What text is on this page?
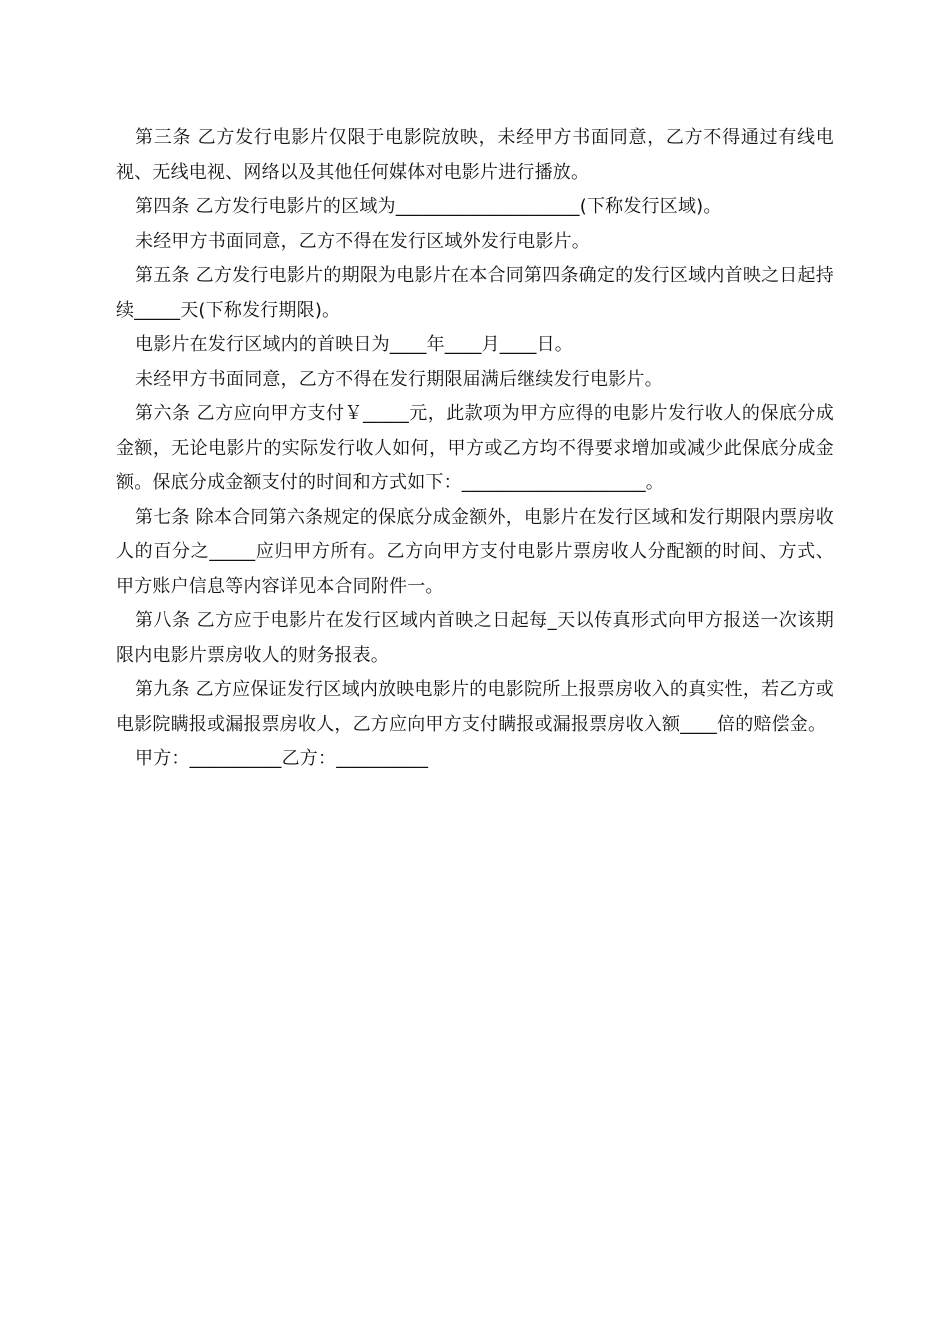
第三条 乙方发行电影片仅限于电影院放映，未经甲方书面同意，乙方不得通过有线电视、无线电视、网络以及其他任何媒体对电影片进行播放。

第四条 乙方发行电影片的区域为____________________(下称发行区域)。

未经甲方书面同意，乙方不得在发行区域外发行电影片。

第五条 乙方发行电影片的期限为电影片在本合同第四条确定的发行区域内首映之日起持续_____天(下称发行期限)。

电影片在发行区域内的首映日为____年____月____日。

未经甲方书面同意，乙方不得在发行期限届满后继续发行电影片。

第六条 乙方应向甲方支付￥_____元，此款项为甲方应得的电影片发行收人的保底分成金额，无论电影片的实际发行收人如何，甲方或乙方均不得要求增加或减少此保底分成金额。保底分成金额支付的时间和方式如下：____________________。

第七条 除本合同第六条规定的保底分成金额外，电影片在发行区域和发行期限内票房收人的百分之_____应归甲方所有。乙方向甲方支付电影片票房收人分配额的时间、方式、甲方账户信息等内容详见本合同附件一。

第八条 乙方应于电影片在发行区域内首映之日起每_天以传真形式向甲方报送一次该期限内电影片票房收人的财务报表。

第九条 乙方应保证发行区域内放映电影片的电影院所上报票房收入的真实性，若乙方或电影院瞒报或漏报票房收人，乙方应向甲方支付瞒报或漏报票房收入额____倍的赔偿金。

甲方：__________乙方：__________
